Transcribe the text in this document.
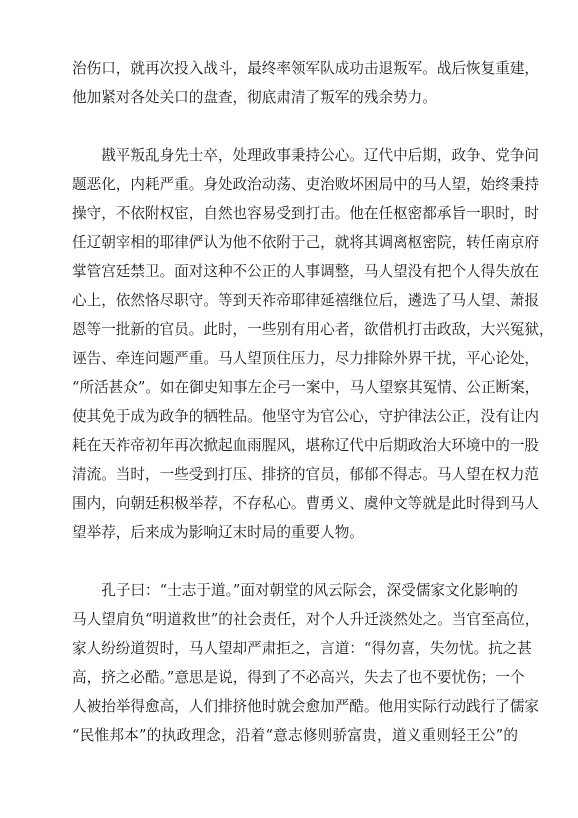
治伤口，就再次投入战斗，最终率领军队成功击退叛军。战后恢复重建，
他加紧对各处关口的盘查，彻底肃清了叛军的残余势力。
　　戡平叛乱身先士卒，处理政事秉持公心。辽代中后期，政争、党争问
题恶化，内耗严重。身处政治动荡、吏治败坏困局中的马人望，始终秉持
操守，不依附权宦，自然也容易受到打击。他在任枢密都承旨一职时，时
任辽朝宰相的耶律俨认为他不依附于己，就将其调离枢密院，转任南京府
掌管宫廷禁卫。面对这种不公正的人事调整，马人望没有把个人得失放在
心上，依然恪尽职守。等到天祚帝耶律延禧继位后，遴选了马人望、萧报
恩等一批新的官员。此时，一些别有用心者，欲借机打击政敌，大兴冤狱，
诬告、牵连问题严重。马人望顶住压力，尽力排除外界干扰，平心论处，
“所活甚众”。如在御史知事左企弓一案中，马人望察其冤情、公正断案，
使其免于成为政争的牺牲品。他坚守为官公心，守护律法公正，没有让内
耗在天祚帝初年再次掀起血雨腥风，堪称辽代中后期政治大环境中的一股
清流。当时，一些受到打压、排挤的官员，郁郁不得志。马人望在权力范
围内，向朝廷积极举荐，不存私心。曹勇义、虞仲文等就是此时得到马人
望举荐，后来成为影响辽末时局的重要人物。
　　孔子曰：“士志于道。”面对朝堂的风云际会，深受儒家文化影响的
马人望肩负“明道救世”的社会责任，对个人升迁淡然处之。当官至高位，
家人纷纷道贺时，马人望却严肃拒之，言道：“得勿喜，失勿忧。抗之甚
高，挤之必酷。”意思是说，得到了不必高兴，失去了也不要忧伤；一个
人被抬举得愈高，人们排挤他时就会愈加严酷。他用实际行动践行了儒家
“民惟邦本”的执政理念，沿着“意志修则骄富贵，道义重则轻王公”的
